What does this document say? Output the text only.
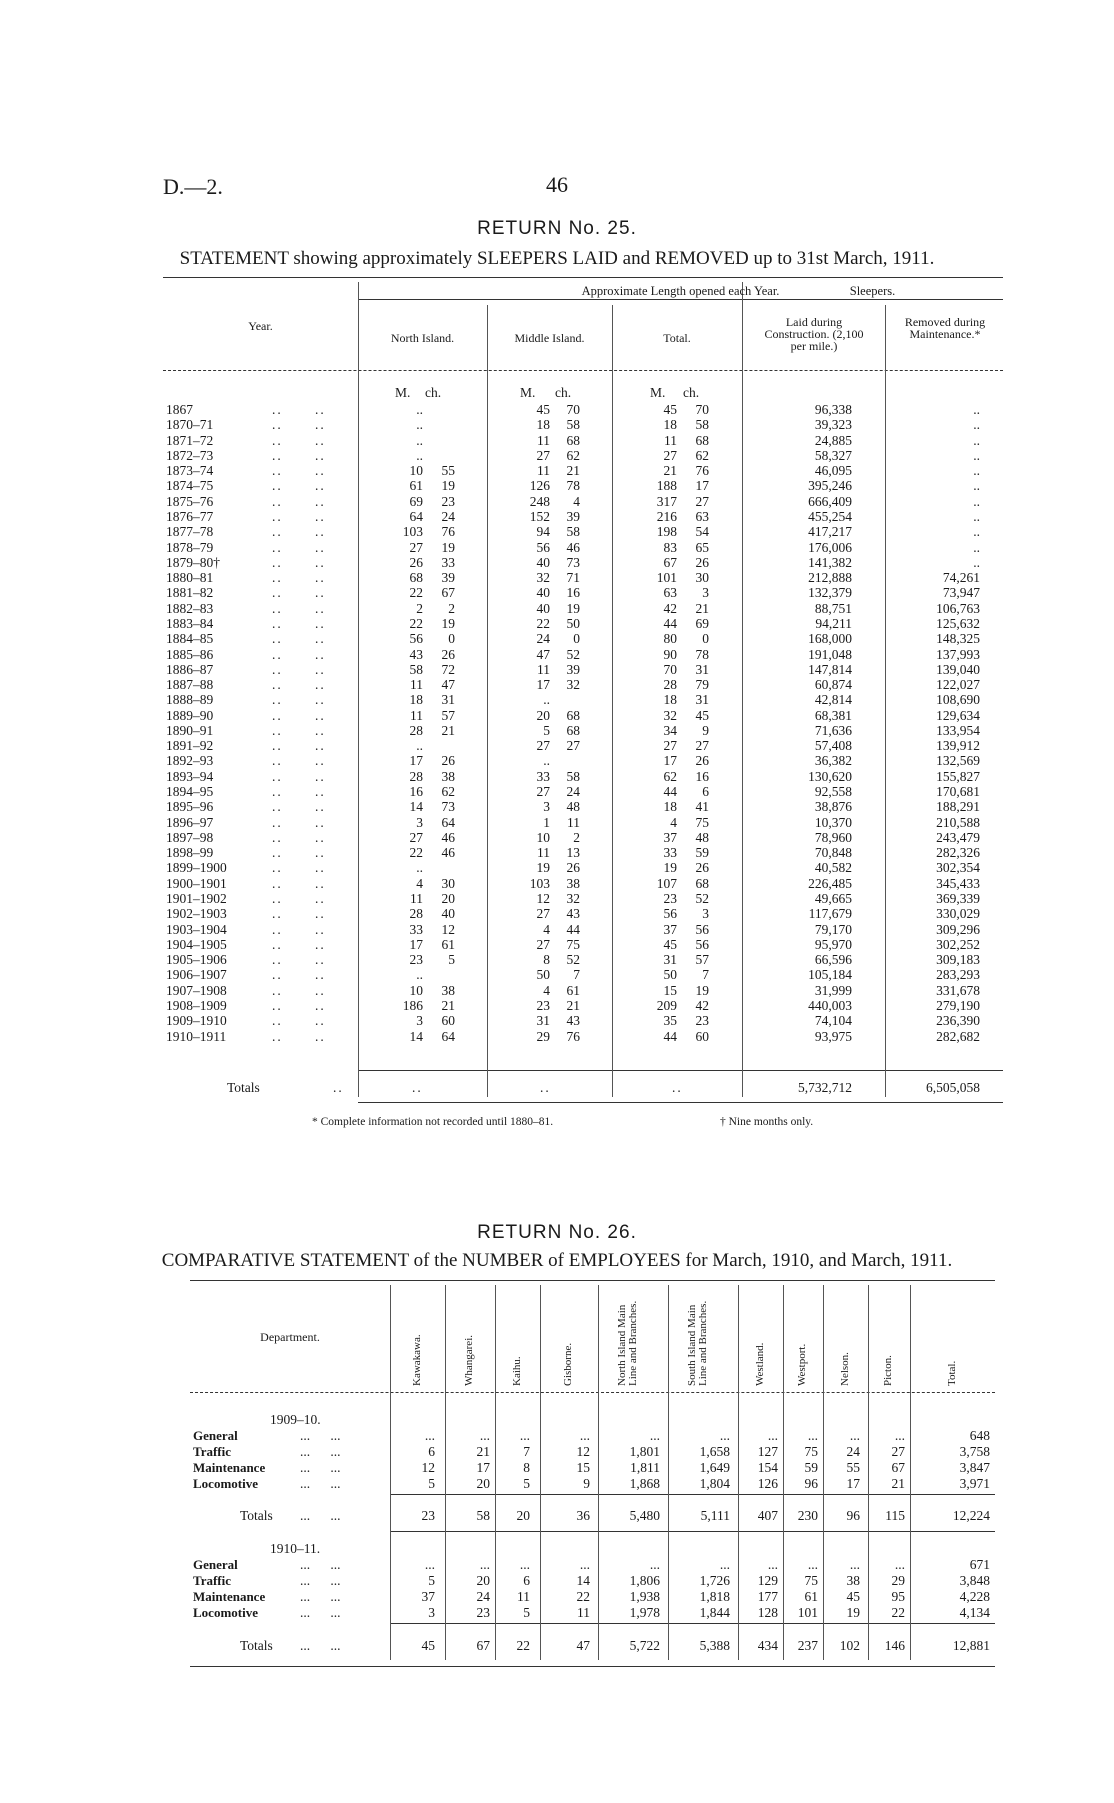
D.—2.	46
RETURN No. 25.
STATEMENT showing approximately SLEEPERS LAID and REMOVED up to 31st March, 1911.
Approximate Length opened each Year.	Sleepers.
Year.
North Island.	Middle Island.	Total.
Laid during Construction. (2,100 per mile.)
Removed during Maintenance.*
M. ch.	M. ch.	M. ch.
1867	..      ..	..	45	70	45	70	96,338	..
1870–71	..      ..	..	18	58	18	58	39,323	..
1871–72	..      ..	..	11	68	11	68	24,885	..
1872–73	..      ..	..	27	62	27	62	58,327	..
1873–74	..      ..	10	55	11	21	21	76	46,095	..
1874–75	..      ..	61	19	126	78	188	17	395,246	..
1875–76	..      ..	69	23	248	4	317	27	666,409	..
1876–77	..      ..	64	24	152	39	216	63	455,254	..
1877–78	..      ..	103	76	94	58	198	54	417,217	..
1878–79	..      ..	27	19	56	46	83	65	176,006	..
1879–80†	..      ..	26	33	40	73	67	26	141,382	..
1880–81	..      ..	68	39	32	71	101	30	212,888	74,261
1881–82	..      ..	22	67	40	16	63	3	132,379	73,947
1882–83	..      ..	2	2	40	19	42	21	88,751	106,763
1883–84	..      ..	22	19	22	50	44	69	94,211	125,632
1884–85	..      ..	56	0	24	0	80	0	168,000	148,325
1885–86	..      ..	43	26	47	52	90	78	191,048	137,993
1886–87	..      ..	58	72	11	39	70	31	147,814	139,040
1887–88	..      ..	11	47	17	32	28	79	60,874	122,027
1888–89	..      ..	18	31	..	18	31	42,814	108,690
1889–90	..      ..	11	57	20	68	32	45	68,381	129,634
1890–91	..      ..	28	21	5	68	34	9	71,636	133,954
1891–92	..      ..	..	27	27	27	27	57,408	139,912
1892–93	..      ..	17	26	..	17	26	36,382	132,569
1893–94	..      ..	28	38	33	58	62	16	130,620	155,827
1894–95	..      ..	16	62	27	24	44	6	92,558	170,681
1895–96	..      ..	14	73	3	48	18	41	38,876	188,291
1896–97	..      ..	3	64	1	11	4	75	10,370	210,588
1897–98	..      ..	27	46	10	2	37	48	78,960	243,479
1898–99	..      ..	22	46	11	13	33	59	70,848	282,326
1899–1900	..      ..	..	19	26	19	26	40,582	302,354
1900–1901	..      ..	4	30	103	38	107	68	226,485	345,433
1901–1902	..      ..	11	20	12	32	23	52	49,665	369,339
1902–1903	..      ..	28	40	27	43	56	3	117,679	330,029
1903–1904	..      ..	33	12	4	44	37	56	79,170	309,296
1904–1905	..      ..	17	61	27	75	45	56	95,970	302,252
1905–1906	..      ..	23	5	8	52	31	57	66,596	309,183
1906–1907	..      ..	..	50	7	50	7	105,184	283,293
1907–1908	..      ..	10	38	4	61	15	19	31,999	331,678
1908–1909	..      ..	186	21	23	21	209	42	440,003	279,190
1909–1910	..      ..	3	60	31	43	35	23	74,104	236,390
1910–1911	..      ..	14	64	29	76	44	60	93,975	282,682
Totals	..	..	..	..	5,732,712	6,505,058
* Complete information not recorded until 1880–81.	† Nine months only.
RETURN No. 26.
COMPARATIVE STATEMENT of the NUMBER of EMPLOYEES for March, 1910, and March, 1911.
Department.	Kawakawa.	Whangarei.	Kaihu.	Gisborne.	North Island Main Line and Branches.	South Island Main Line and Branches.	Westland.	Westport.	Nelson.	Picton.	Total.
1909–10.
General	...      ...	...	...	...	...	...	...	...	...	...	...	648
Traffic	...      ...	6	21	7	12	1,801	1,658	127	75	24	27	3,758
Maintenance	...      ...	12	17	8	15	1,811	1,649	154	59	55	67	3,847
Locomotive	...      ...	5	20	5	9	1,868	1,804	126	96	17	21	3,971
Totals ...      ...	23	58	20	36	5,480	5,111	407	230	96	115	12,224
1910–11.
General	...      ...	...	...	...	...	...	...	...	...	...	...	671
Traffic	...      ...	5	20	6	14	1,806	1,726	129	75	38	29	3,848
Maintenance	...      ...	37	24	11	22	1,938	1,818	177	61	45	95	4,228
Locomotive	...      ...	3	23	5	11	1,978	1,844	128	101	19	22	4,134
Totals ...      ...	45	67	22	47	5,722	5,388	434	237	102	146	12,881
